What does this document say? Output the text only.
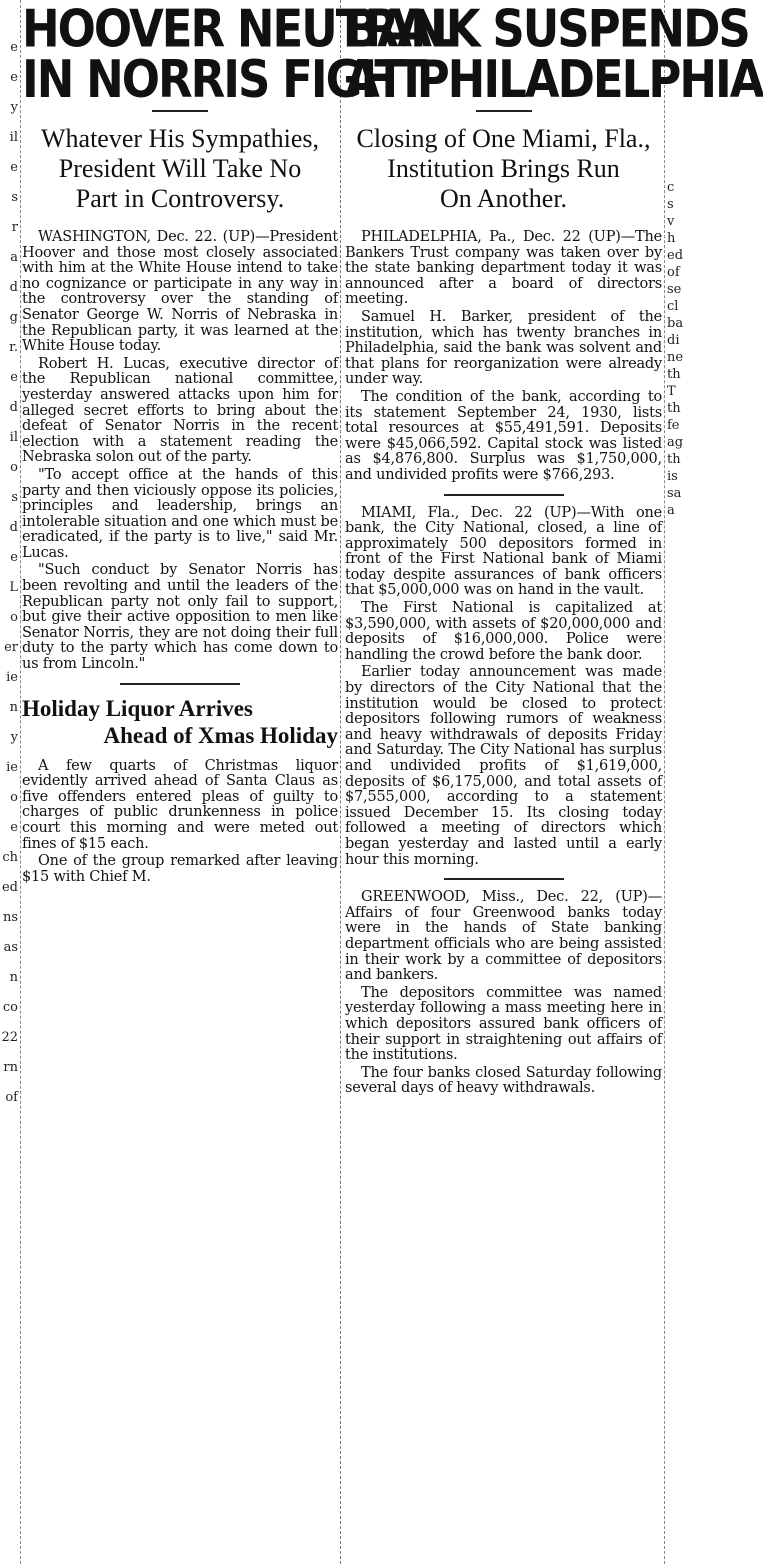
e
e
y
il
e
s
r
a
d
g
r.
e
d
il
o
s
d
e
L
o
er
ie
n
y
ie
o
e
ch
ed
ns
as
n
co
22
rn
of
c
s
v
h
ed
of
se
cl
ba
di
ne
th
T
th
fe
ag
th
is
sa
a
HOOVER NEUTRAL
IN NORRIS FIGHT
Whatever His Sympathies,
President Will Take No
Part in Controversy.

WASHINGTON, Dec. 22. (UP)—President Hoover and those most closely associated with him at the White House intend to take no cognizance or participate in any way in the controversy over the standing of Senator George W. Norris of Nebraska in the Republican party, it was learned at the White House today.

Robert H. Lucas, executive director of the Republican national committee, yesterday answered attacks upon him for alleged secret efforts to bring about the defeat of Senator Norris in the recent election with a statement reading the Nebraska solon out of the party.

"To accept office at the hands of this party and then viciously oppose its policies, principles and leadership, brings an intolerable situation and one which must be eradicated, if the party is to live," said Mr. Lucas.

"Such conduct by Senator Norris has been revolting and until the leaders of the Republican party not only fail to support, but give their active opposition to men like Senator Norris, they are not doing their full duty to the party which has come down to us from Lincoln."

Holiday Liquor Arrives
Ahead of Xmas Holiday

A few quarts of Christmas liquor evidently arrived ahead of Santa Claus as five offenders entered pleas of guilty to charges of public drunkenness in police court this morning and were meted out fines of $15 each.

One of the group remarked after leaving $15 with Chief M.

BANK SUSPENDS
AT PHILADELPHIA
Closing of One Miami, Fla.,
Institution Brings Run
On Another.

PHILADELPHIA, Pa., Dec. 22 (UP)—The Bankers Trust company was taken over by the state banking department today it was announced after a board of directors meeting.

Samuel H. Barker, president of the institution, which has twenty branches in Philadelphia, said the bank was solvent and that plans for reorganization were already under way.

The condition of the bank, according to its statement September 24, 1930, lists total resources at $55,491,591. Deposits were $45,066,592. Capital stock was listed as $4,876,800. Surplus was $1,750,000, and undivided profits were $766,293.

MIAMI, Fla., Dec. 22 (UP)—With one bank, the City National, closed, a line of approximately 500 depositors formed in front of the First National bank of Miami today despite assurances of bank officers that $5,000,000 was on hand in the vault.

The First National is capitalized at $3,590,000, with assets of $20,000,000 and deposits of $16,000,000. Police were handling the crowd before the bank door.

Earlier today announcement was made by directors of the City National that the institution would be closed to protect depositors following rumors of weakness and heavy withdrawals of deposits Friday and Saturday. The City National has surplus and undivided profits of $1,619,000, deposits of $6,175,000, and total assets of $7,555,000, according to a statement issued December 15. Its closing today followed a meeting of directors which began yesterday and lasted until a early hour this morning.

GREENWOOD, Miss., Dec. 22, (UP)—Affairs of four Greenwood banks today were in the hands of State banking department officials who are being assisted in their work by a committee of depositors and bankers.

The depositors committee was named yesterday following a mass meeting here in which depositors assured bank officers of their support in straightening out affairs of the institutions.

The four banks closed Saturday following several days of heavy withdrawals.
